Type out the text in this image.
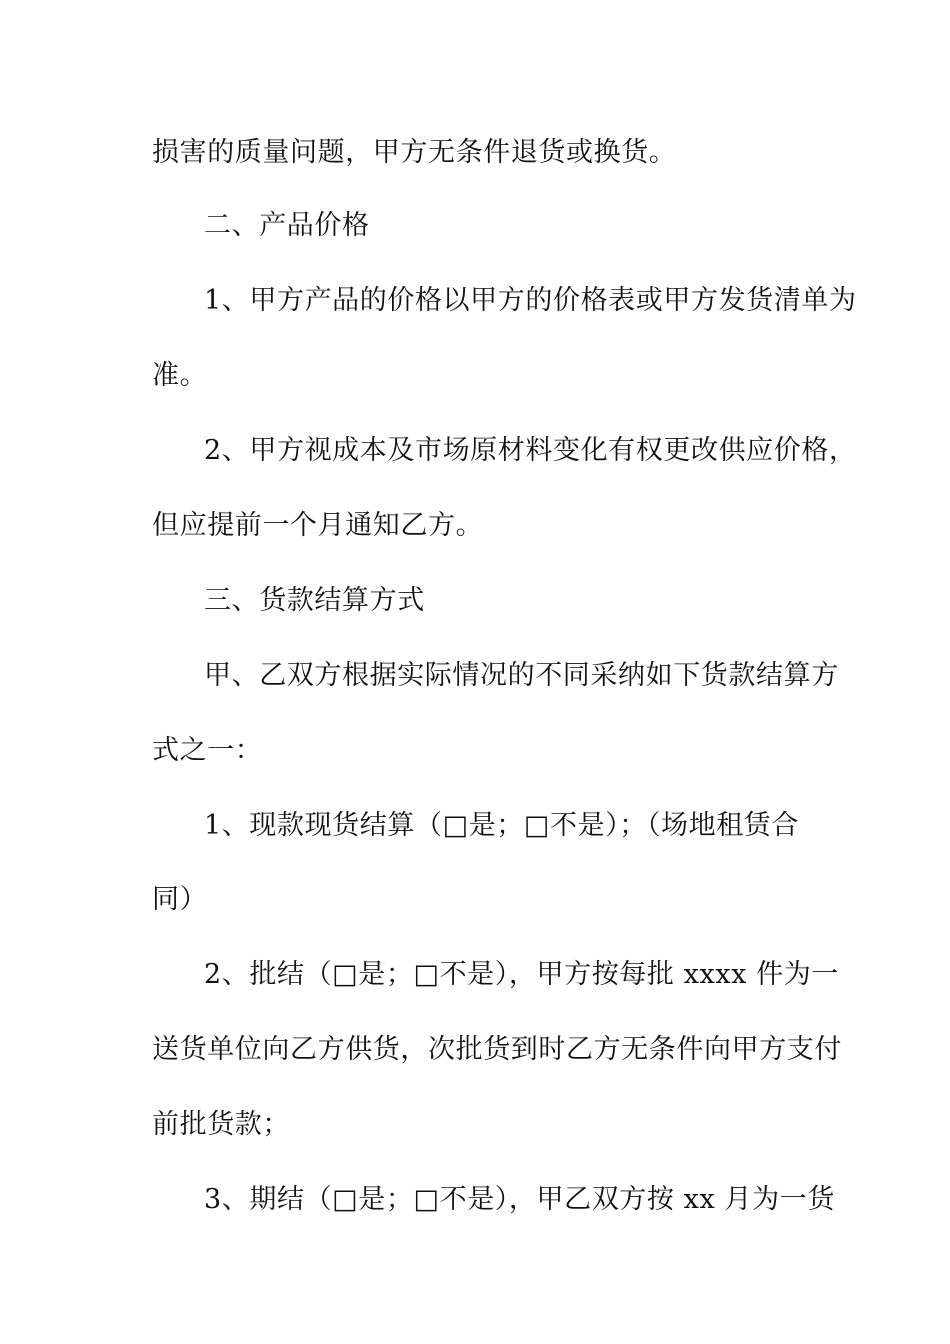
损害的质量问题，甲方无条件退货或换货。
二、产品价格
1、甲方产品的价格以甲方的价格表或甲方发货清单为
准。
2、甲方视成本及市场原材料变化有权更改供应价格，
但应提前一个月通知乙方。
三、货款结算方式
甲、乙双方根据实际情况的不同采纳如下货款结算方
式之一：
1、现款现货结算（□是；□不是）；（场地租赁合
同）
2、批结（□是；□不是），甲方按每批 xxxx 件为一
送货单位向乙方供货，次批货到时乙方无条件向甲方支付
前批货款；
3、期结（□是；□不是），甲乙双方按 xx 月为一货
